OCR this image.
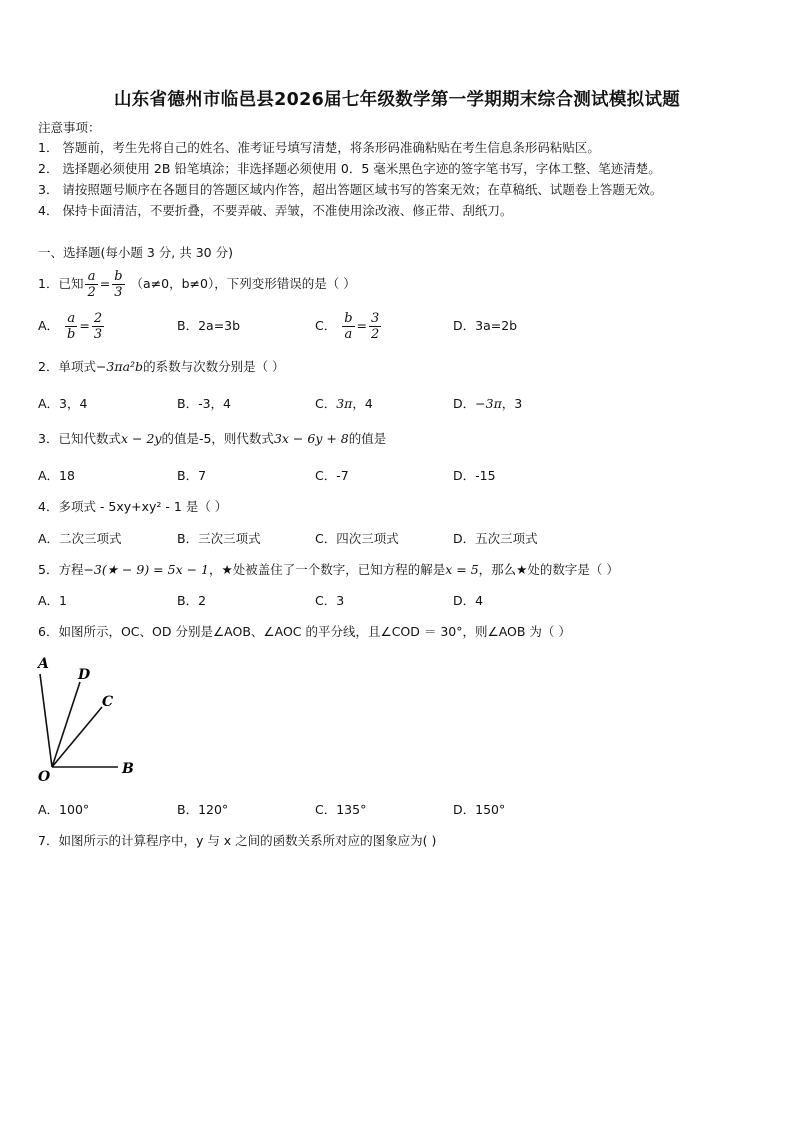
山东省德州市临邑县2026届七年级数学第一学期期末综合测试模拟试题
注意事项：
1． 答题前，考生先将自己的姓名、准考证号填写清楚，将条形码准确粘贴在考生信息条形码粘贴区。
2． 选择题必须使用 2B 铅笔填涂；非选择题必须使用 0．5 毫米黑色字迹的签字笔书写，字体工整、笔迹清楚。
3． 请按照题号顺序在各题目的答题区域内作答，超出答题区域书写的答案无效；在草稿纸、试题卷上答题无效。
4． 保持卡面清洁，不要折叠，不要弄破、弄皱，不准使用涂改液、修正带、刮纸刀。
一、选择题(每小题 3 分, 共 30 分)
1．已知 $\frac{a}{2} = \frac{b}{3} (a\ne 0$，b≠0），下列变形错误的是（ ）
A． $\frac{a}{b} = \frac{2}{3}$	B．2a=3b	C． $\frac{b}{a} = \frac{3}{2}$	D．3a=2b
2．单项式−3πa²b的系数与次数分别是（ ）
A．3，4	B．-3，4	C．3π，4	D．−3π，3
3．已知代数式x − 2y的值是-5，则代数式3x − 6y + 8的值是
A．18	B．7	C．-7	D．-15
4．多项式 - 5xy+xy² - 1 是（ ）
A．二次三项式	B．三次三项式	C．四次三项式	D．五次三项式
5．方程−3(★ − 9) = 5x − 1，★处被盖住了一个数字，已知方程的解是x = 5，那么★处的数字是（ ）
A．1	B．2	C．3	D．4
6．如图所示，OC、OD 分别是∠AOB、∠AOC 的平分线，且∠COD ＝ 30°，则∠AOB 为（ ）
A
D
C
O	B
A．100°	B．120°	C．135°	D．150°
7．如图所示的计算程序中，y 与 x 之间的函数关系所对应的图象应为( )
